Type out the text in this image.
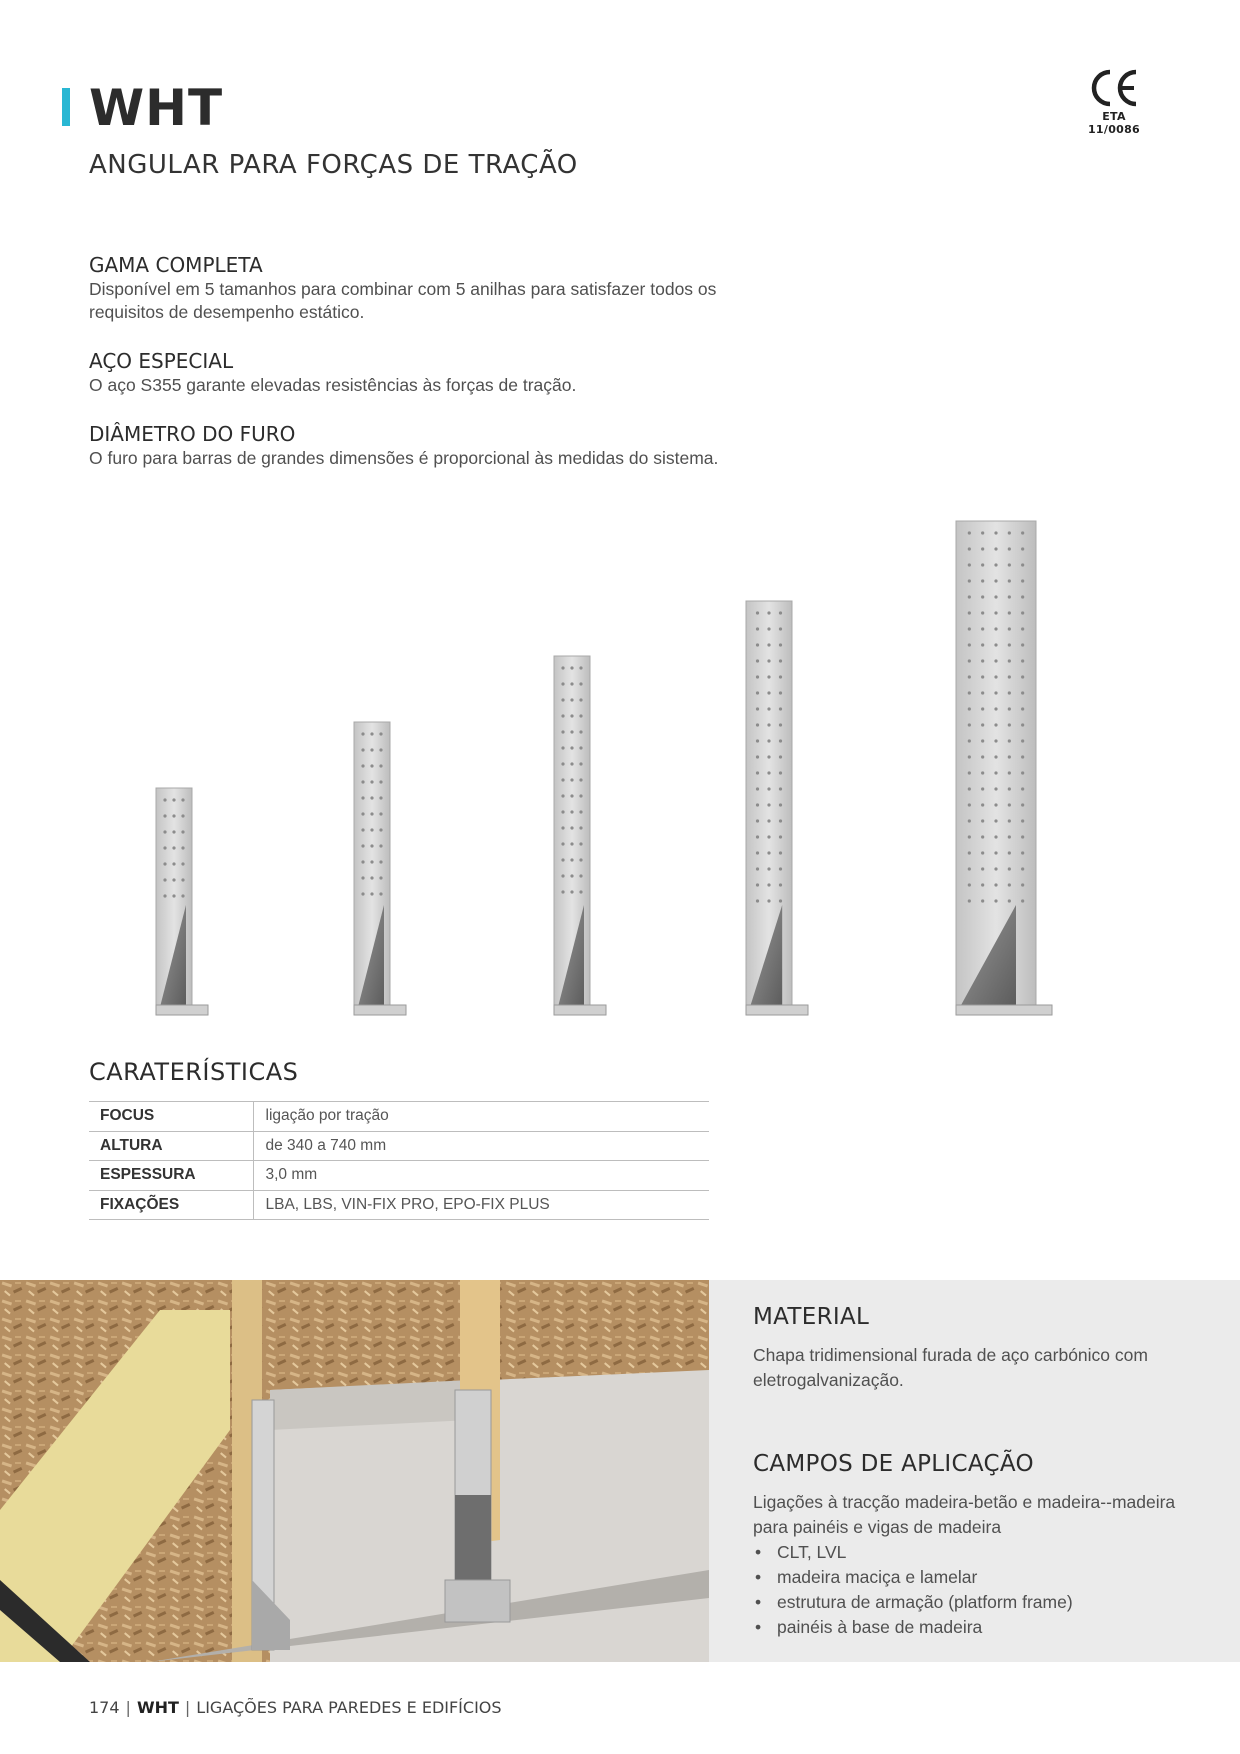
WHT
ANGULAR PARA FORÇAS DE TRAÇÃO
ETA 11/0086
GAMA COMPLETA

Disponível em 5 tamanhos para combinar com 5 anilhas para satisfazer todos os requisitos de desempenho estático.

AÇO ESPECIAL

O aço S355 garante elevadas resistências às forças de tração.

DIÂMETRO DO FURO

O furo para barras de grandes dimensões é proporcional às medidas do sistema.

CARATERÍSTICAS
FOCUS	ligação por tração
ALTURA	de 340 a 740 mm
ESPESSURA	3,0 mm
FIXAÇÕES	LBA, LBS, VIN-FIX PRO, EPO-FIX PLUS
MATERIAL

Chapa tridimensional furada de aço carbónico com eletrogalvanização.

CAMPOS DE APLICAÇÃO

Ligações à tracção madeira-betão e madeira--madeira para painéis e vigas de madeira

• CLT, LVL
• madeira maciça e lamelar
• estrutura de armação (platform frame)
• painéis à base de madeira
174 | WHT | LIGAÇÕES PARA PAREDES E EDIFÍCIOS
